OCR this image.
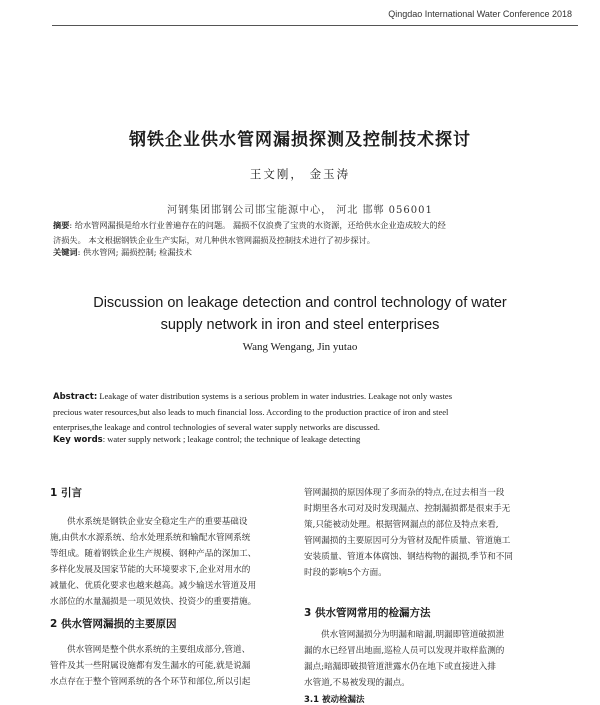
Qingdao International Water Conference 2018
钢铁企业供水管网漏损探测及控制技术探讨
王文刚， 金玉涛
河钢集团邯钢公司邯宝能源中心， 河北 邯郸 056001
摘要: 给水管网漏损是给水行业普遍存在的问题。 漏损不仅浪费了宝贵的水资源，还给供水企业造成较大的经
济损失。 本文根据钢铁企业生产实际，对几种供水管网漏损及控制技术进行了初步探讨。
关键词: 供水管网; 漏损控制; 检漏技术
Discussion on leakage detection and control technology of water
supply network in iron and steel enterprises
Wang Wengang, Jin yutao
Abstract: Leakage of water distribution systems is a serious problem in water industries. Leakage not only wastes
precious water resources,but also leads to much financial loss. According to the production practice of iron and steel
enterprises,the leakage and control technologies of several water supply networks are discussed.
Key words: water supply network ; leakage control; the technique of leakage detecting
1 引言
供水系统是钢铁企业安全稳定生产的重要基础设
施,由供水水源系统、给水处理系统和输配水管网系统
等组成。随着钢铁企业生产规模、钢种产品的深加工、
多样化发展及国家节能的大环境要求下,企业对用水的
减量化、优质化要求也越来越高。减少输送水管道及用
水部位的水量漏损是一项见效快、投资少的重要措施。
2 供水管网漏损的主要原因
供水管网是整个供水系统的主要组成部分,管道、
管件及其一些附属设施都有发生漏水的可能,就是说漏
水点存在于整个管网系统的各个环节和部位,所以引起
管网漏损的原因体现了多而杂的特点,在过去相当一段
时期里各水司对及时发现漏点、控制漏损都是很束手无
策,只能被动处理。根据管网漏点的部位及特点来看,
管网漏损的主要原因可分为管材及配件质量、管道施工
安装质量、管道本体腐蚀、钢结构物的漏损,季节和不同
时段的影响5个方面。
3 供水管网常用的检漏方法
供水管网漏损分为明漏和暗漏,明漏即管道破损泄
漏的水已经冒出地面,巡检人员可以发现并取样监测的
漏点;暗漏即破损管道泄露水仍在地下或直接进入排
水管道,不易被发现的漏点。
3.1 被动检漏法
